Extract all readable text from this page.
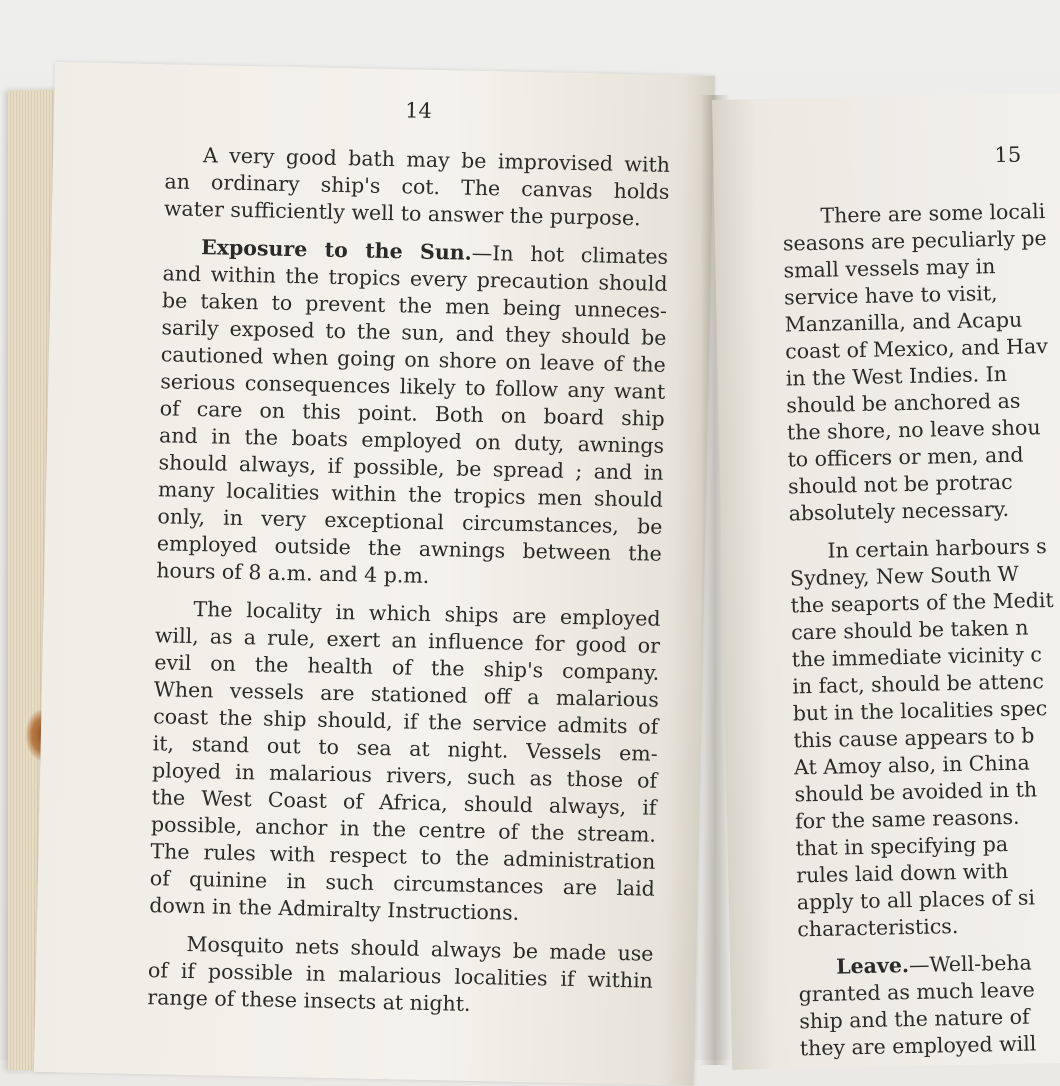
14
A very good bath may be improvised with
an ordinary ship's cot. The canvas holds
water sufficiently well to answer the purpose.
Exposure to the Sun.—In hot climates
and within the tropics every precaution should
be taken to prevent the men being unneces-
sarily exposed to the sun, and they should be
cautioned when going on shore on leave of the
serious consequences likely to follow any want
of care on this point. Both on board ship
and in the boats employed on duty, awnings
should always, if possible, be spread ; and in
many localities within the tropics men should
only, in very exceptional circumstances, be
employed outside the awnings between the
hours of 8 a.m. and 4 p.m.
The locality in which ships are employed
will, as a rule, exert an influence for good or
evil on the health of the ship's company.
When vessels are stationed off a malarious
coast the ship should, if the service admits of
it, stand out to sea at night. Vessels em-
ployed in malarious rivers, such as those of
the West Coast of Africa, should always, if
possible, anchor in the centre of the stream.
The rules with respect to the administration
of quinine in such circumstances are laid
down in the Admiralty Instructions.
Mosquito nets should always be made use
of if possible in malarious localities if within
range of these insects at night.
15
There are some locali
seasons are peculiarly pe
small vessels may in
service have to visit,
Manzanilla, and Acapu
coast of Mexico, and Hav
in the West Indies. In
should be anchored as
the shore, no leave shou
to officers or men, and
should not be protrac
absolutely necessary.
In certain harbours s
Sydney, New South W
the seaports of the Medit
care should be taken n
the immediate vicinity c
in fact, should be attenc
but in the localities spec
this cause appears to b
At Amoy also, in China
should be avoided in th
for the same reasons.
that in specifying pa
rules laid down with
apply to all places of si
characteristics.
Leave.—Well-beha
granted as much leave
ship and the nature of
they are employed will
